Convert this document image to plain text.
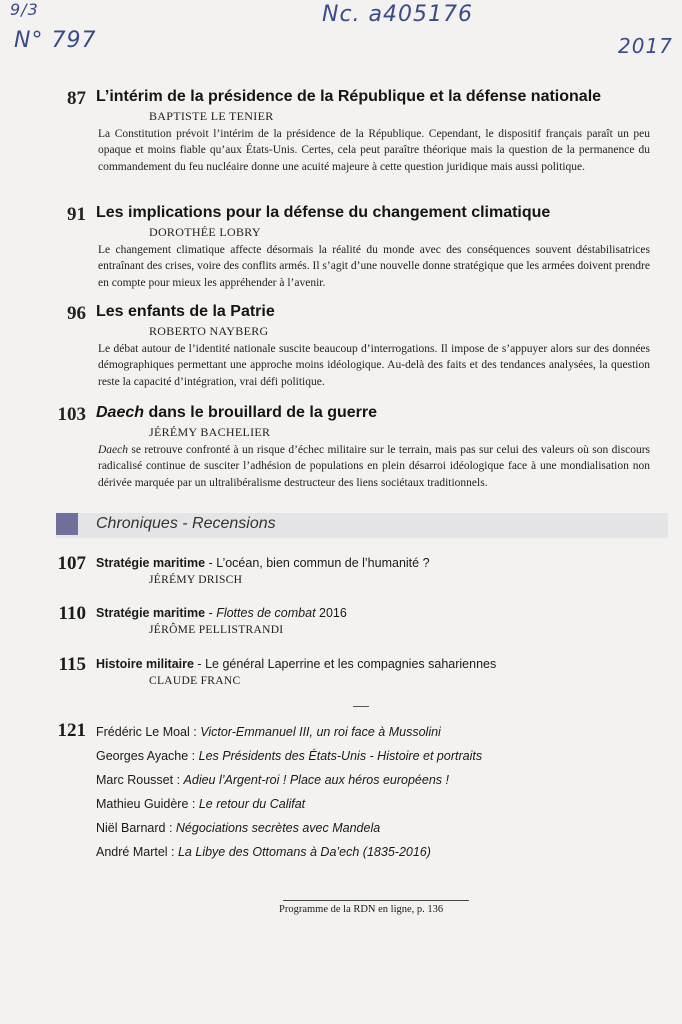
9/3
N° 797
Nc. a405176
2017
87 L’intérim de la présidence de la République et la défense nationale
BAPTISTE LE TENIER
La Constitution prévoit l’intérim de la présidence de la République. Cependant, le dispositif français paraît un peu opaque et moins fiable qu’aux États-Unis. Certes, cela peut paraître théorique mais la question de la permanence du commandement du feu nucléaire donne une acuité majeure à cette question juridique mais aussi politique.
91 Les implications pour la défense du changement climatique
DOROTHÉE LOBRY
Le changement climatique affecte désormais la réalité du monde avec des conséquences souvent déstabilisatrices entraînant des crises, voire des conflits armés. Il s’agit d’une nouvelle donne stratégique que les armées doivent prendre en compte pour mieux les appréhender à l’avenir.
96 Les enfants de la Patrie
ROBERTO NAYBERG
Le débat autour de l’identité nationale suscite beaucoup d’interrogations. Il impose de s’appuyer alors sur des données démographiques permettant une approche moins idéologique. Au-delà des faits et des tendances analysées, la question reste la capacité d’intégration, vrai défi politique.
103 Daech dans le brouillard de la guerre
JÉRÉMY BACHELIER
Daech se retrouve confronté à un risque d’échec militaire sur le terrain, mais pas sur celui des valeurs où son discours radicalisé continue de susciter l’adhésion de populations en plein désarroi idéologique face à une mondialisation non dérivée marquée par un ultralibéralisme destructeur des liens sociétaux traditionnels.
Chroniques - Recensions
107 Stratégie maritime - L’océan, bien commun de l’humanité ?
JÉRÉMY DRISCH
110 Stratégie maritime - Flottes de combat 2016
JÉRÔME PELLISTRANDI
115 Histoire militaire - Le général Laperrine et les compagnies sahariennes
CLAUDE FRANC
121 Frédéric Le Moal : Victor-Emmanuel III, un roi face à Mussolini
Georges Ayache : Les Présidents des États-Unis - Histoire et portraits
Marc Rousset : Adieu l’Argent-roi ! Place aux héros européens !
Mathieu Guidère : Le retour du Califat
Niël Barnard : Négociations secrètes avec Mandela
André Martel : La Libye des Ottomans à Da’ech (1835-2016)
Programme de la RDN en ligne, p. 136
